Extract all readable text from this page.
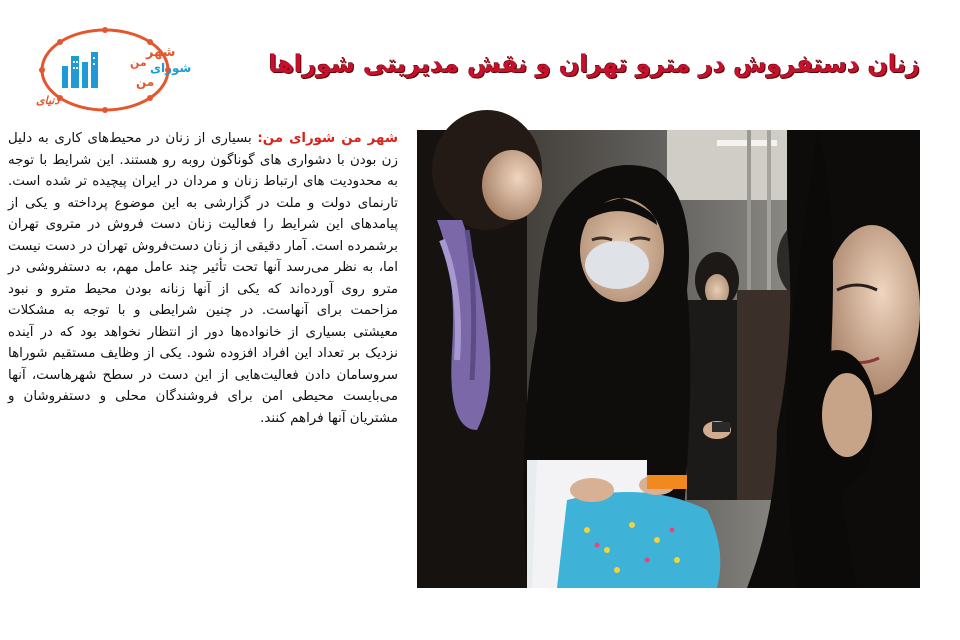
شهر
شورای
من
من
دنیای
زنان دستفروش در مترو تهران و نقش مدیریتی شوراها
شهر من شورای من: بسیاری از زنان در محیط‌های کاری به دلیل زن بودن با دشواری های گوناگون روبه رو هستند. این شرایط با توجه به محدودیت های ارتباط زنان و مردان در ایران پیچیده تر شده است. تارنمای دولت و ملت در گزارشی به این موضوع پرداخته و یکی از پیامدهای این شرایط را فعالیت زنان دست فروش در متروی تهران برشمرده است. آمار دقیقی از زنان دست‌فروش تهران در دست نیست اما، به نظر می‌رسد آنها تحت تأثیر چند عامل مهم، به دستفروشی در مترو روی آورده‌اند که یکی از آنها زنانه بودن محیط مترو و نبود مزاحمت برای آنهاست. در چنین شرایطی و با توجه به مشکلات معیشتی بسیاری از خانواده‌ها دور از انتظار نخواهد بود که در آینده نزدیک بر تعداد این افراد افزوده شود. یکی از وظایف مستقیم شوراها سروسامان دادن فعالیت‌هایی از این دست در سطح شهرهاست، آنها می‌بایست محیطی امن برای فروشندگان محلی و دستفروشان و مشتریان آنها فراهم کنند.
